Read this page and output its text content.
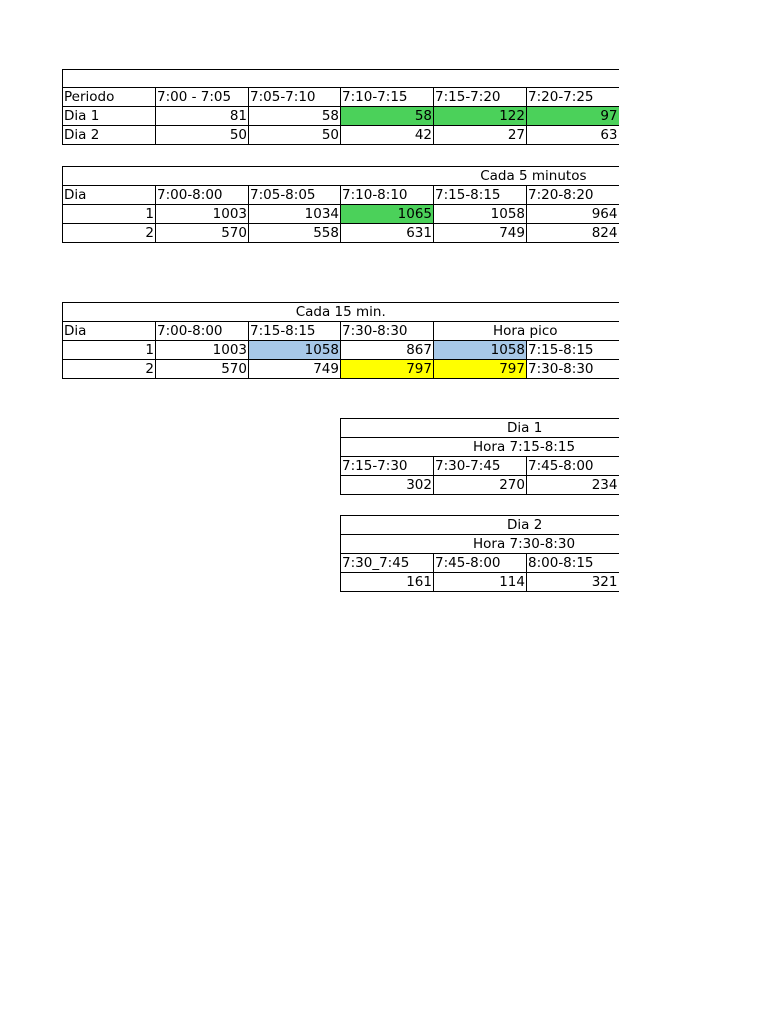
Periodo	7:00 - 7:05	7:05-7:10	7:10-7:15	7:15-7:20	7:20-7:25
Dia 1	81	58	58	122	97
Dia 2	50	50	42	27	63
Cada 5 minutos					
Dia	7:00-8:00	7:05-8:05	7:10-8:10	7:15-8:15	7:20-8:20
1	1003	1034	1065	1058	964
2	570	558	631	749	824
Cada 15 min.					
Dia	7:00-8:00	7:15-8:15	7:30-8:30	Hora pico	
1	1003	1058	867	1058	7:15-8:15
2	570	749	797	797	7:30-8:30
Dia 1		
Hora 7:15-8:15		
7:15-7:30	7:30-7:45	7:45-8:00
302	270	234
Dia 2		
Hora 7:30-8:30		
7:30_7:45	7:45-8:00	8:00-8:15
161	114	321
